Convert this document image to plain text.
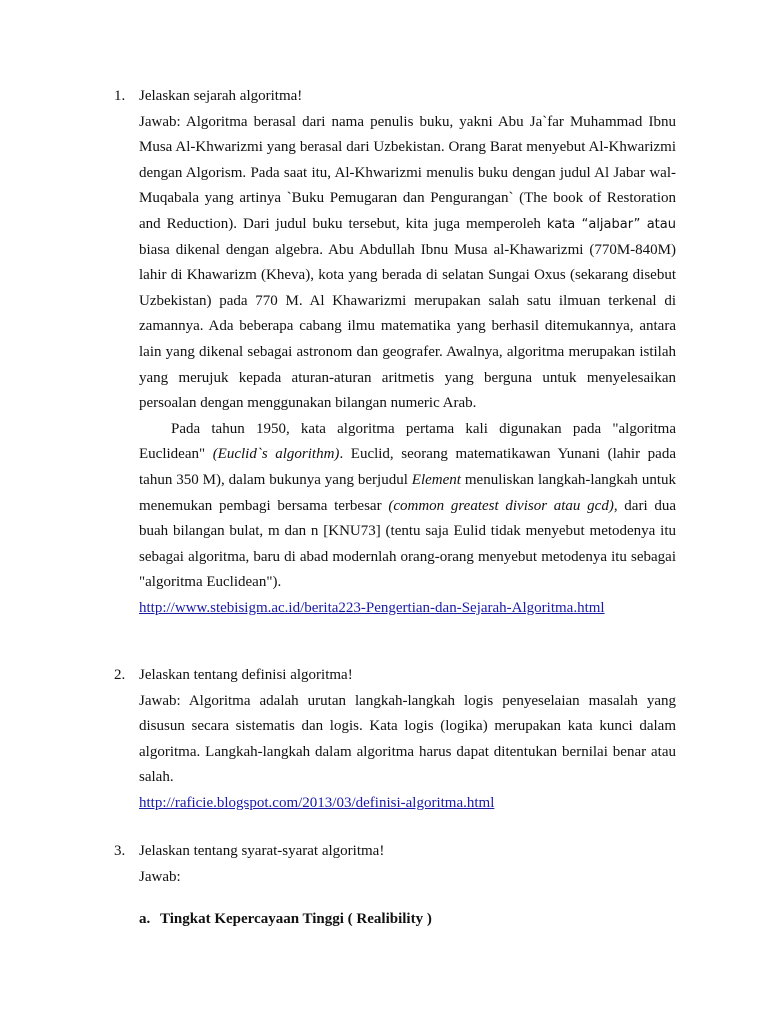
1. Jelaskan sejarah algoritma!
Jawab: Algoritma berasal dari nama penulis buku, yakni Abu Ja`far Muhammad Ibnu Musa Al-Khwarizmi yang berasal dari Uzbekistan. Orang Barat menyebut Al-Khwarizmi dengan Algorism. Pada saat itu, Al-Khwarizmi menulis buku dengan judul Al Jabar wal-Muqabala yang artinya `Buku Pemugaran dan Pengurangan` (The book of Restoration and Reduction). Dari judul buku tersebut, kita juga memperoleh kata “aljabar” atau biasa dikenal dengan algebra. Abu Abdullah Ibnu Musa al-Khawarizmi (770M-840M) lahir di Khawarizm (Kheva), kota yang berada di selatan Sungai Oxus (sekarang disebut Uzbekistan) pada 770 M. Al Khawarizmi merupakan salah satu ilmuan terkenal di zamannya. Ada beberapa cabang ilmu matematika yang berhasil ditemukannya, antara lain yang dikenal sebagai astronom dan geografer. Awalnya, algoritma merupakan istilah yang merujuk kepada aturan-aturan aritmetis yang berguna untuk menyelesaikan persoalan dengan menggunakan bilangan numeric Arab.
Pada tahun 1950, kata algoritma pertama kali digunakan pada "algoritma Euclidean" (Euclid`s algorithm). Euclid, seorang matematikawan Yunani (lahir pada tahun 350 M), dalam bukunya yang berjudul Element menuliskan langkah-langkah untuk menemukan pembagi bersama terbesar (common greatest divisor atau gcd), dari dua buah bilangan bulat, m dan n [KNU73] (tentu saja Eulid tidak menyebut metodenya itu sebagai algoritma, baru di abad modernlah orang-orang menyebut metodenya itu sebagai "algoritma Euclidean").
http://www.stebisigm.ac.id/berita223-Pengertian-dan-Sejarah-Algoritma.html
2. Jelaskan tentang definisi algoritma!
Jawab: Algoritma adalah urutan langkah-langkah logis penyeselaian masalah yang disusun secara sistematis dan logis. Kata logis (logika) merupakan kata kunci dalam algoritma. Langkah-langkah dalam algoritma harus dapat ditentukan bernilai benar atau salah.
http://raficie.blogspot.com/2013/03/definisi-algoritma.html
3. Jelaskan tentang syarat-syarat algoritma!
Jawab:
a. Tingkat Kepercayaan Tinggi ( Realibility )
